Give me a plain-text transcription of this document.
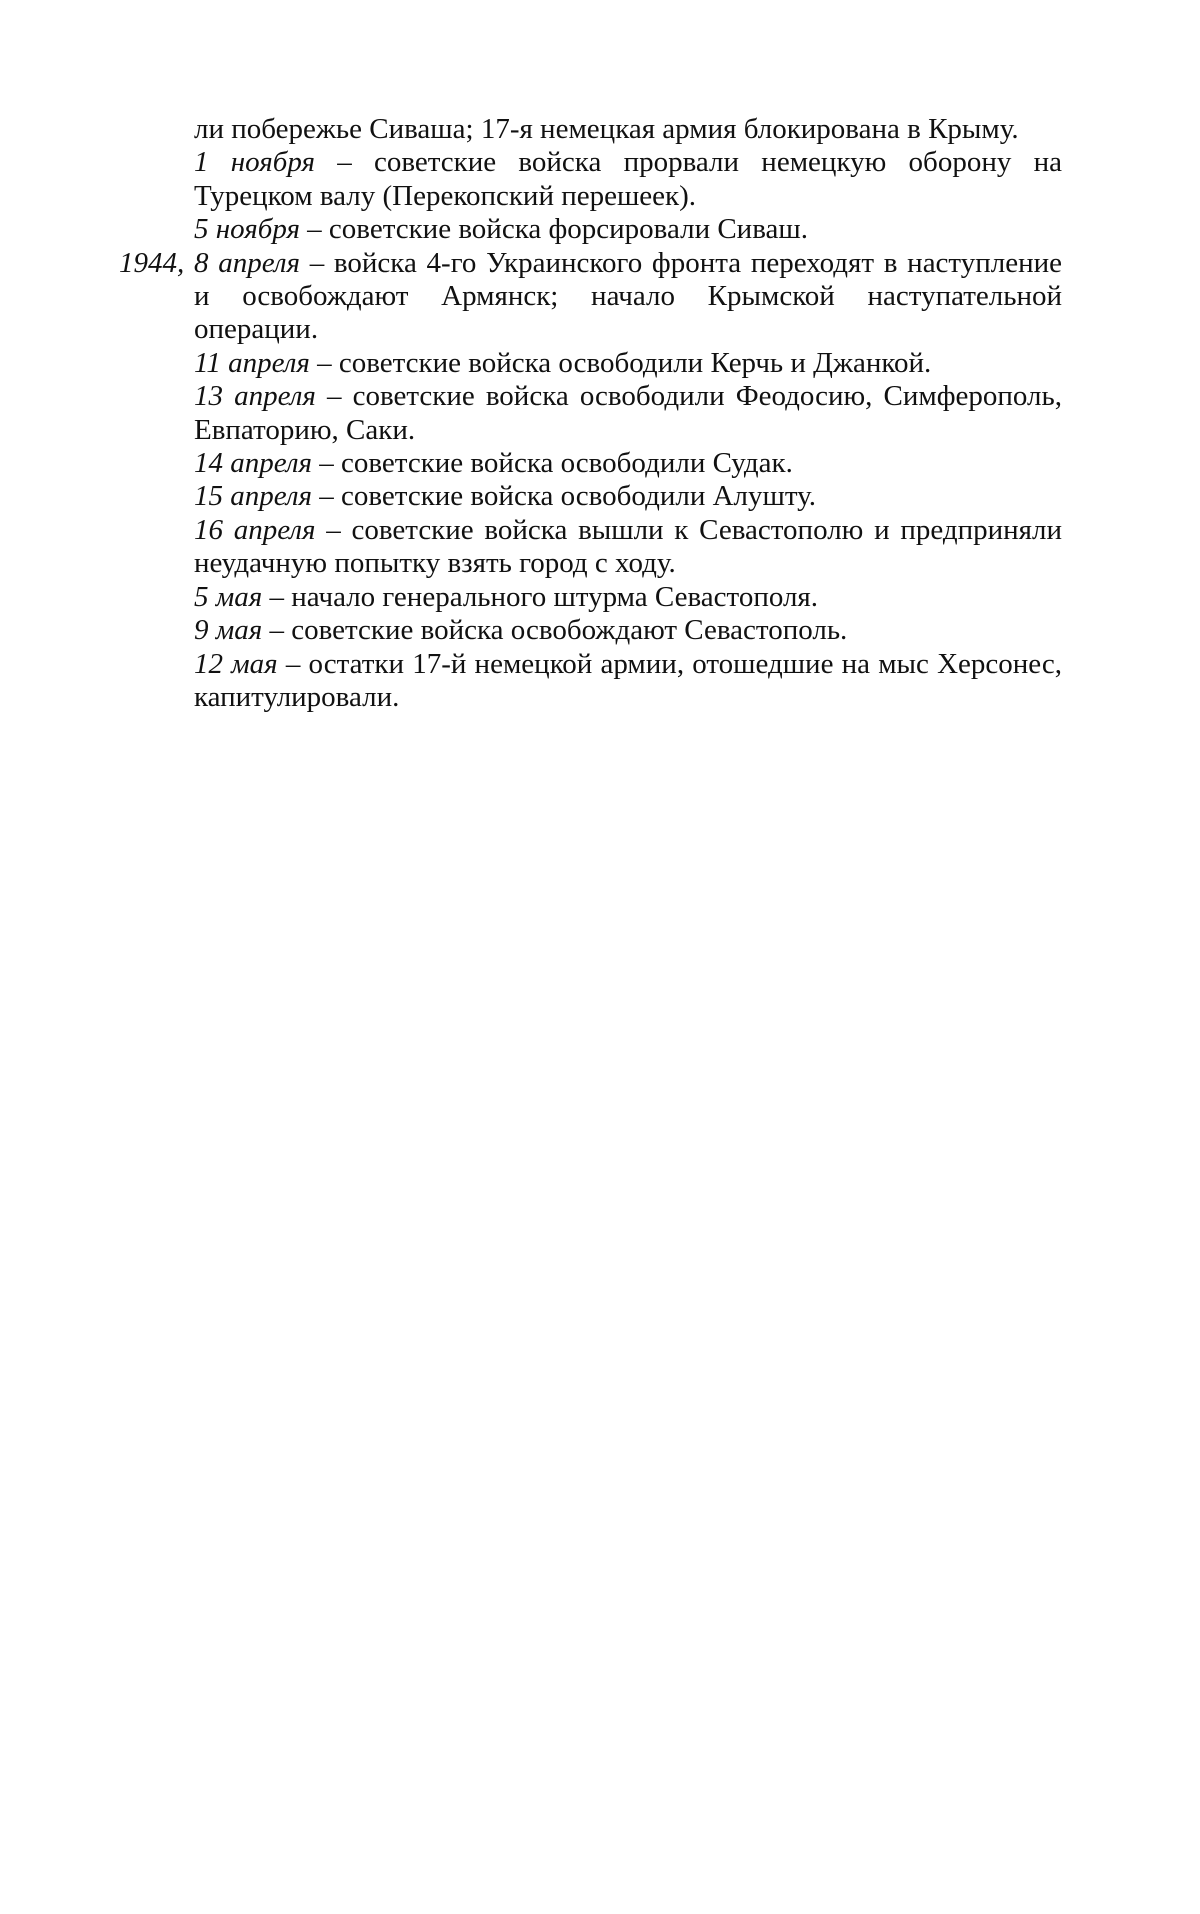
ли побережье Сиваша; 17-я немецкая армия блокирована в Крыму.

1 ноября – советские войска прорвали немецкую оборону на Турецком валу (Перекопский перешеек).

5 ноября – советские войска форсировали Сиваш.

1944, 8 апреля – войска 4-го Украинского фронта переходят в наступление и освобождают Армянск; начало Крымской наступательной операции.

11 апреля – советские войска освободили Керчь и Джанкой.

13 апреля – советские войска освободили Феодосию, Симферополь, Евпаторию, Саки.

14 апреля – советские войска освободили Судак.

15 апреля – советские войска освободили Алушту.

16 апреля – советские войска вышли к Севастополю и предприняли неудачную попытку взять город с ходу.

5 мая – начало генерального штурма Севастополя.

9 мая – советские войска освобождают Севастополь.

12 мая – остатки 17-й немецкой армии, отошедшие на мыс Херсонес, капитулировали.
